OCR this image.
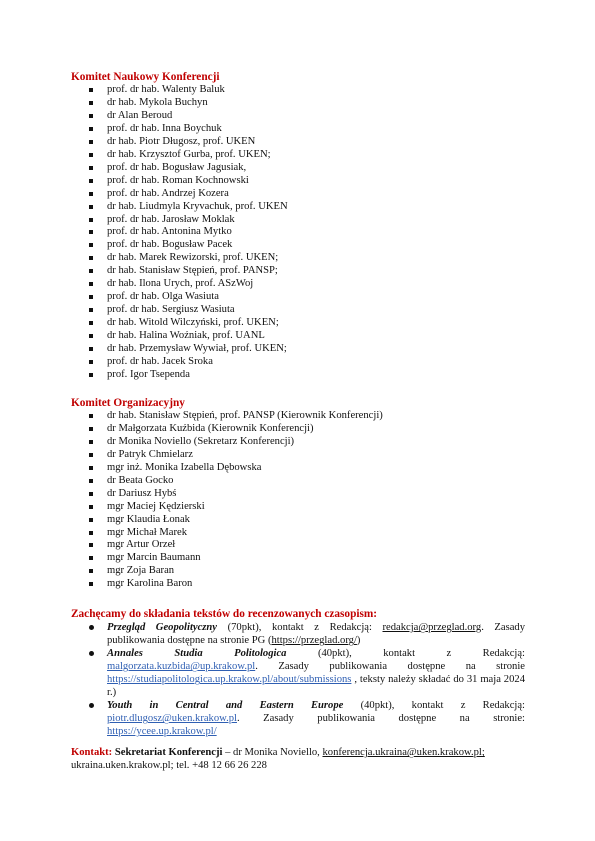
Komitet Naukowy Konferencji

prof. dr hab. Walenty Baluk
dr hab. Mykola Buchyn
dr Alan Beroud
prof. dr hab. Inna Boychuk
dr hab. Piotr Długosz, prof. UKEN
dr hab. Krzysztof Gurba, prof. UKEN;
prof. dr hab. Bogusław Jagusiak,
prof. dr hab. Roman Kochnowski
prof. dr hab. Andrzej Kozera
dr hab. Liudmyla Kryvachuk, prof. UKEN
prof. dr hab. Jarosław Moklak
prof. dr hab. Antonina Mytko
prof. dr hab. Bogusław Pacek
dr hab. Marek Rewizorski, prof. UKEN;
dr hab. Stanisław Stępień, prof. PANSP;
dr hab. Ilona Urych, prof. ASzWoj
prof. dr hab. Olga Wasiuta
prof. dr hab. Sergiusz Wasiuta
dr hab. Witold Wilczyński, prof. UKEN;
dr hab. Halina Woźniak, prof. UANL
dr hab. Przemysław Wywiał, prof. UKEN;
prof. dr hab. Jacek Sroka
prof. Igor Tsependa

Komitet Organizacyjny

dr hab. Stanisław Stępień, prof. PANSP (Kierownik Konferencji)
dr Małgorzata Kuźbida (Kierownik Konferencji)
dr Monika Noviello (Sekretarz Konferencji)
dr Patryk Chmielarz
mgr inż. Monika Izabella Dębowska
dr Beata Gocko
dr Dariusz Hybś
mgr Maciej Kędzierski
mgr Klaudia Łonak
mgr Michał Marek
mgr Artur Orzeł
mgr Marcin Baumann
mgr Zoja Baran
mgr Karolina Baron

Zachęcamy do składania tekstów do recenzowanych czasopism:

Przegląd Geopolityczny (70pkt), kontakt z Redakcją: redakcja@przeglad.org. Zasady publikowania dostępne na stronie PG (https://przeglad.org/)
Annales Studia Politologica	(40pkt), kontakt z Redakcją:
malgorzata.kuzbida@up.krakow.pl. Zasady publikowania dostępne na stronie https://studiapolitologica.up.krakow.pl/about/submissions , teksty należy składać do 31 maja 2024 r.)
Youth in Central and Eastern Europe (40pkt), kontakt z Redakcją:
piotr.dlugosz@uken.krakow.pl. Zasady publikowania dostępne na stronie:
https://ycee.up.krakow.pl/
Kontakt: Sekretariat Konferencji – dr Monika Noviello, konferencja.ukraina@uken.krakow.pl;
ukraina.uken.krakow.pl; tel. +48 12 66 26 228
